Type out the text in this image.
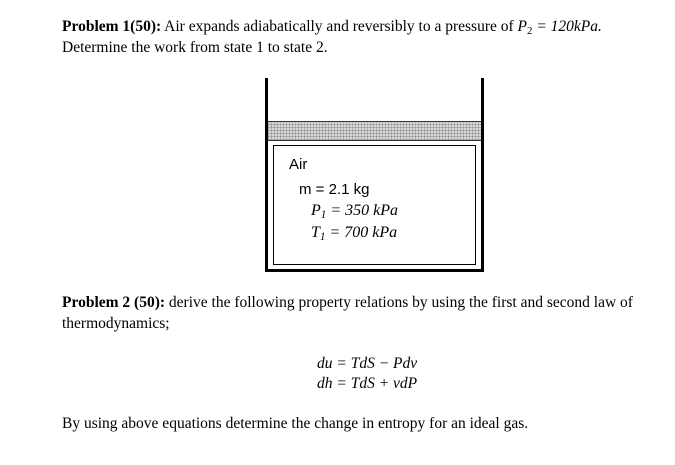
Problem 1(50): Air expands adiabatically and reversibly to a pressure of $P_2 = 120kPa$.
Determine the work from state 1 to state 2.
Air
m = 2.1 kg
$P_1 = 350$ kPa
$T_1 = 700$ kPa
Problem 2 (50): derive the following property relations by using the first and second law of thermodynamics;
du = TdS − Pdv
dh = TdS + vdP
By using above equations determine the change in entropy for an ideal gas.
